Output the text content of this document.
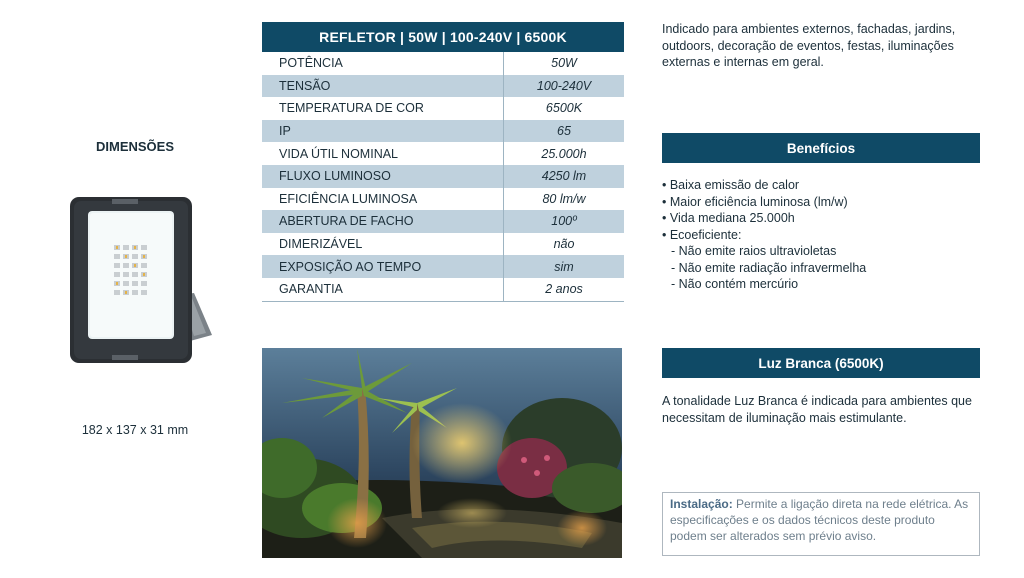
DIMENSÕES
182 x 137 x 31 mm
REFLETOR | 50W | 100-240V | 6500K
POTÊNCIA	50W
TENSÃO	100-240V
TEMPERATURA DE COR	6500K
IP	65
VIDA ÚTIL NOMINAL	25.000h
FLUXO LUMINOSO	4250 lm
EFICIÊNCIA LUMINOSA	80 lm/w
ABERTURA DE FACHO	100º
DIMERIZÁVEL	não
EXPOSIÇÃO AO TEMPO	sim
GARANTIA	2 anos
Indicado para ambientes externos, fachadas, jardins, outdoors, decoração de eventos, festas, iluminações externas e internas em geral.
Benefícios
• Baixa emissão de calor
• Maior eficiência luminosa (lm/w)
• Vida mediana 25.000h
• Ecoeficiente:
- Não emite raios ultravioletas
- Não emite radiação infravermelha
- Não contém mercúrio
Luz Branca (6500K)
A tonalidade Luz Branca é indicada para ambientes que necessitam de iluminação mais estimulante.
Instalação: Permite a ligação direta na rede elétrica. As especificações e os dados técnicos deste produto podem ser alterados sem prévio aviso.
